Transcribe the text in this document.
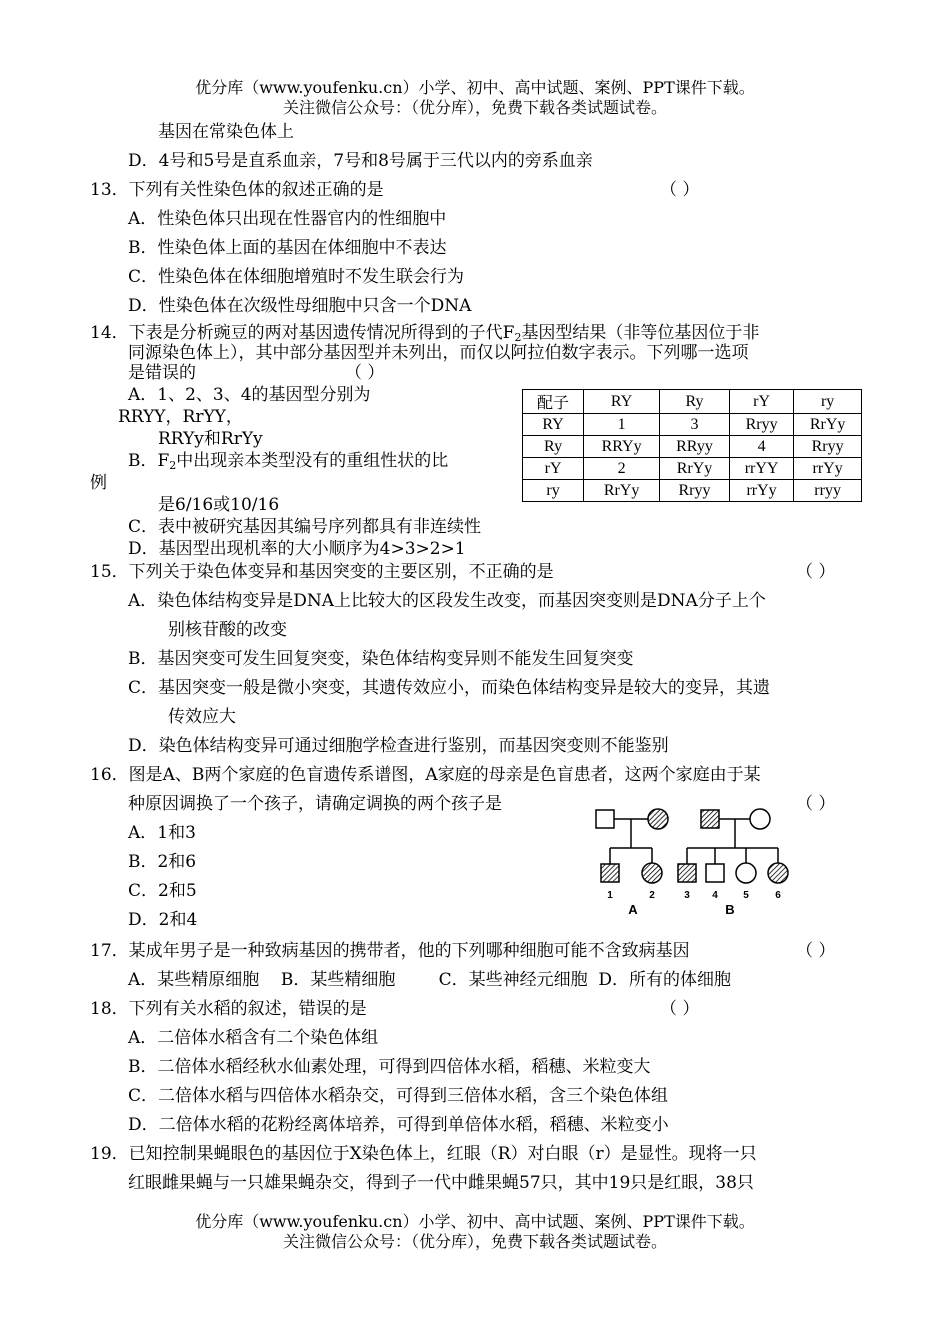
优分库（www.youfenku.cn）小学、初中、高中试题、案例、PPT课件下载。
关注微信公众号：（优分库），免费下载各类试题试卷。
基因在常染色体上
D．4号和5号是直系血亲，7号和8号属于三代以内的旁系血亲
13．下列有关性染色体的叙述正确的是	（ ）
A．性染色体只出现在性器官内的性细胞中
B．性染色体上面的基因在体细胞中不表达
C．性染色体在体细胞增殖时不发生联会行为
D．性染色体在次级性母细胞中只含一个DNA
14．下表是分析豌豆的两对基因遗传情况所得到的子代$F_2$基因型结果（非等位基因位于非
同源染色体上），其中部分基因型并未列出，而仅以阿拉伯数字表示。下列哪一选项
是错误的	（ ）
A．1、2、3、4的基因型分别为
RRYY，RrYY，
RRYy和RrYy
B．$F_2$中出现亲本类型没有的重组性状的比
例
是6/16或10/16
C．表中被研究基因其编号序列都具有非连续性
D．基因型出现机率的大小顺序为4>3>2>1
配子	RY	Ry	rY	ry
RY	1	3	Rryy	RrYy
Ry	RRYy	RRyy	4	Rryy
rY	2	RrYy	rrYY	rrYy
ry	RrYy	Rryy	rrYy	rryy
15．下列关于染色体变异和基因突变的主要区别，不正确的是	（ ）
A．染色体结构变异是DNA上比较大的区段发生改变，而基因突变则是DNA分子上个
别核苷酸的改变
B．基因突变可发生回复突变，染色体结构变异则不能发生回复突变
C．基因突变一般是微小突变，其遗传效应小，而染色体结构变异是较大的变异，其遗
传效应大
D．染色体结构变异可通过细胞学检查进行鉴别，而基因突变则不能鉴别
16．图是A、B两个家庭的色盲遗传系谱图，A家庭的母亲是色盲患者，这两个家庭由于某
种原因调换了一个孩子，请确定调换的两个孩子是	（ ）
A．1和3
B．2和6
C．2和5
D．2和4
1	2	3 4	5	6
A	B
17．某成年男子是一种致病基因的携带者，他的下列哪种细胞可能不含致病基因	（ ）
A．某些精原细胞    B．某些精细胞        C．某些神经元细胞  D．所有的体细胞
18．下列有关水稻的叙述，错误的是	（ ）
A．二倍体水稻含有二个染色体组
B．二倍体水稻经秋水仙素处理，可得到四倍体水稻，稻穗、米粒变大
C．二倍体水稻与四倍体水稻杂交，可得到三倍体水稻，含三个染色体组
D．二倍体水稻的花粉经离体培养，可得到单倍体水稻，稻穗、米粒变小
19．已知控制果蝇眼色的基因位于X染色体上，红眼（R）对白眼（r）是显性。现将一只
红眼雌果蝇与一只雄果蝇杂交，得到子一代中雌果蝇57只，其中19只是红眼，38只
优分库（www.youfenku.cn）小学、初中、高中试题、案例、PPT课件下载。
关注微信公众号：（优分库），免费下载各类试题试卷。
